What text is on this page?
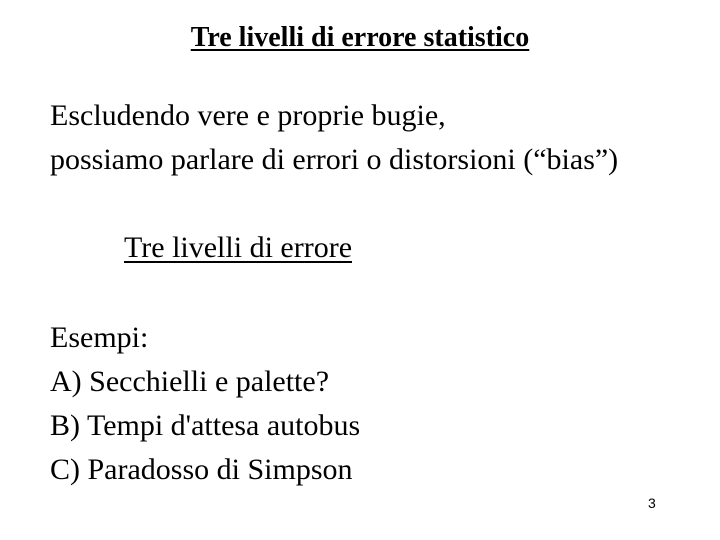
Tre livelli di errore statistico
Escludendo vere e proprie bugie,
possiamo parlare di errori o distorsioni (“bias”)
Tre livelli di errore
Esempi:
A) Secchielli e palette?
B) Tempi d'attesa autobus
C) Paradosso di Simpson
3
